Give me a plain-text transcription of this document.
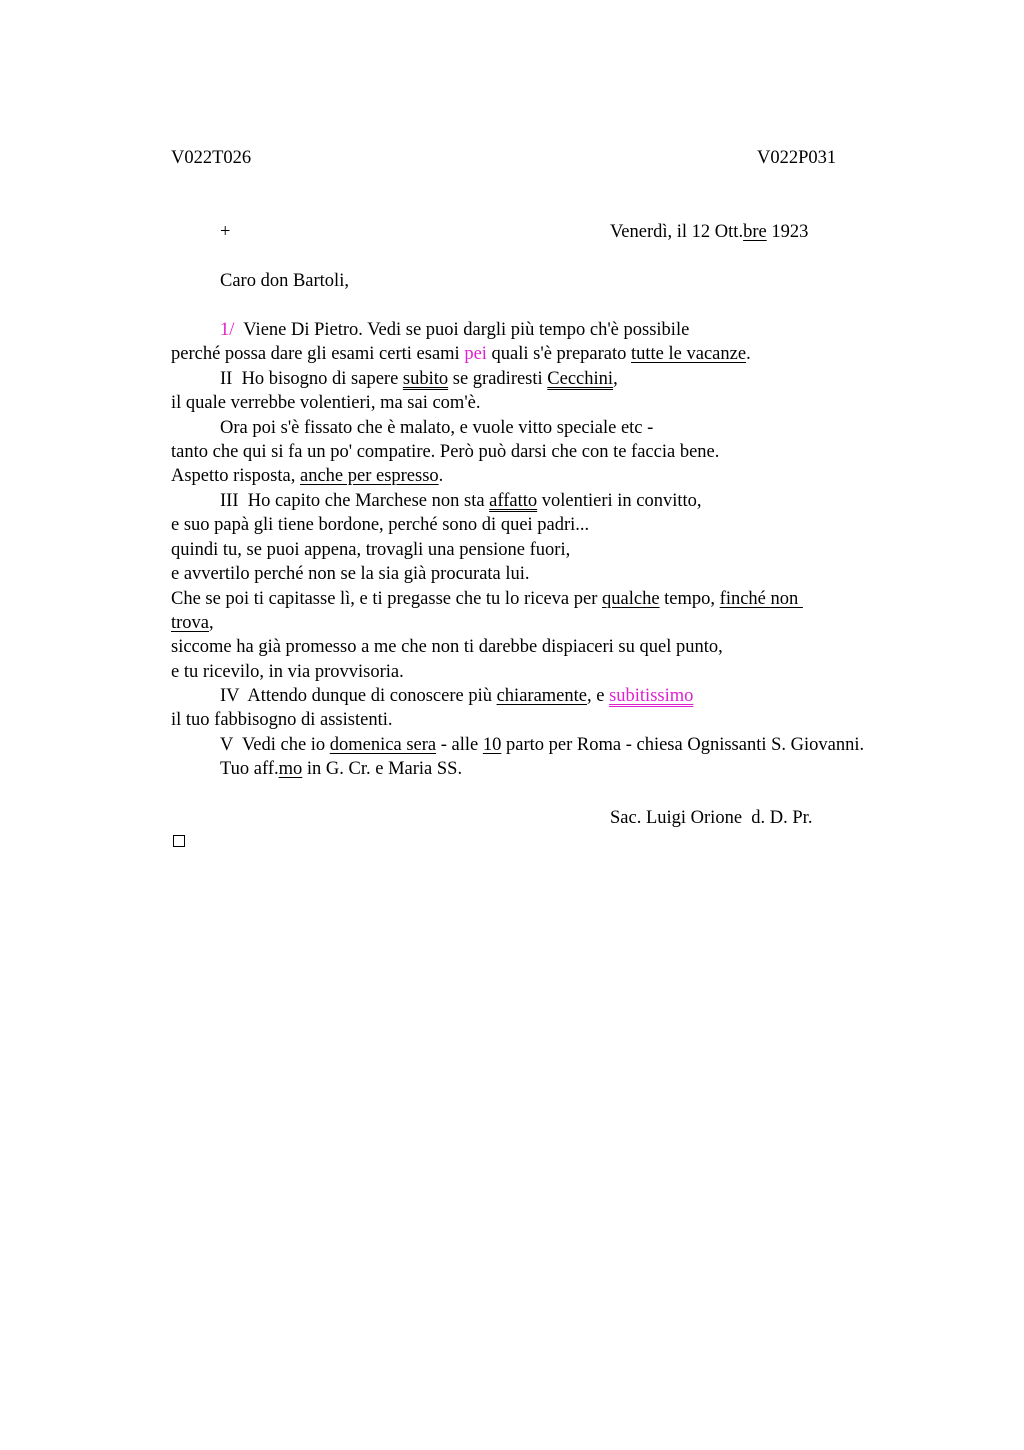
V022T026	V022P031
+	Venerdì, il 12 Ott.bre 1923
Caro don Bartoli,
1/  Viene Di Pietro. Vedi se puoi dargli più tempo ch'è possibile
perché possa dare gli esami certi esami pei quali s'è preparato tutte le vacanze.
II  Ho bisogno di sapere subito se gradiresti Cecchini,
il quale verrebbe volentieri, ma sai com'è.
Ora poi s'è fissato che è malato, e vuole vitto speciale etc -
tanto che qui si fa un po' compatire. Però può darsi che con te faccia bene.
Aspetto risposta, anche per espresso.
III  Ho capito che Marchese non sta affatto volentieri in convitto,
e suo papà gli tiene bordone, perché sono di quei padri...
quindi tu, se puoi appena, trovagli una pensione fuori,
e avvertilo perché non se la sia già procurata lui.
Che se poi ti capitasse lì, e ti pregasse che tu lo riceva per qualche tempo, finché non
trova,
siccome ha già promesso a me che non ti darebbe dispiaceri su quel punto,
e tu ricevilo, in via provvisoria.
IV  Attendo dunque di conoscere più chiaramente, e subitissimo
il tuo fabbisogno di assistenti.
V  Vedi che io domenica sera - alle 10 parto per Roma - chiesa Ognissanti S. Giovanni.
Tuo aff.mo in G. Cr. e Maria SS.
Sac. Luigi Orione  d. D. Pr.
